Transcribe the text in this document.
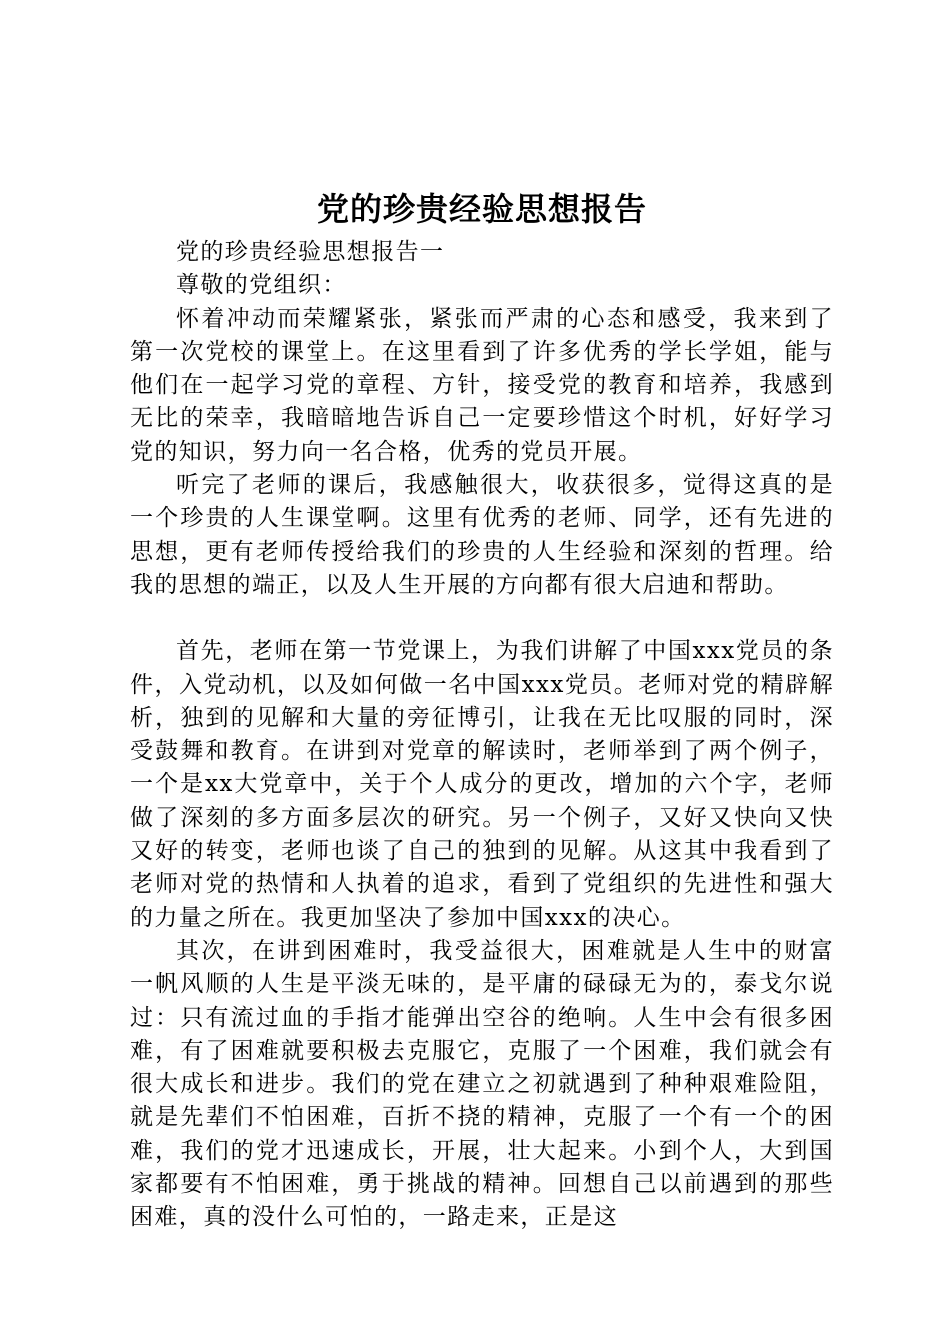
党的珍贵经验思想报告

党的珍贵经验思想报告一

尊敬的党组织：

怀着冲动而荣耀紧张，紧张而严肃的心态和感受，我来到了第一次党校的课堂上。在这里看到了许多优秀的学长学姐，能与他们在一起学习党的章程、方针，接受党的教育和培养，我感到无比的荣幸，我暗暗地告诉自己一定要珍惜这个时机，好好学习党的知识，努力向一名合格，优秀的党员开展。

听完了老师的课后，我感触很大，收获很多，觉得这真的是一个珍贵的人生课堂啊。这里有优秀的老师、同学，还有先进的思想，更有老师传授给我们的珍贵的人生经验和深刻的哲理。给我的思想的端正，以及人生开展的方向都有很大启迪和帮助。

首先，老师在第一节党课上，为我们讲解了中国xxx党员的条件，入党动机，以及如何做一名中国xxx党员。老师对党的精辟解析，独到的见解和大量的旁征博引，让我在无比叹服的同时，深受鼓舞和教育。在讲到对党章的解读时，老师举到了两个例子，一个是xx大党章中，关于个人成分的更改，增加的六个字，老师做了深刻的多方面多层次的研究。另一个例子，又好又快向又快又好的转变，老师也谈了自己的独到的见解。从这其中我看到了老师对党的热情和人执着的追求，看到了党组织的先进性和强大的力量之所在。我更加坚决了参加中国xxx的决心。

其次，在讲到困难时，我受益很大，困难就是人生中的财富一帆风顺的人生是平淡无味的，是平庸的碌碌无为的，泰戈尔说过：只有流过血的手指才能弹出空谷的绝响。人生中会有很多困难，有了困难就要积极去克服它，克服了一个困难，我们就会有很大成长和进步。我们的党在建立之初就遇到了种种艰难险阻，就是先辈们不怕困难，百折不挠的精神，克服了一个有一个的困难，我们的党才迅速成长，开展，壮大起来。小到个人，大到国家都要有不怕困难，勇于挑战的精神。回想自己以前遇到的那些困难，真的没什么可怕的，一路走来，正是这
